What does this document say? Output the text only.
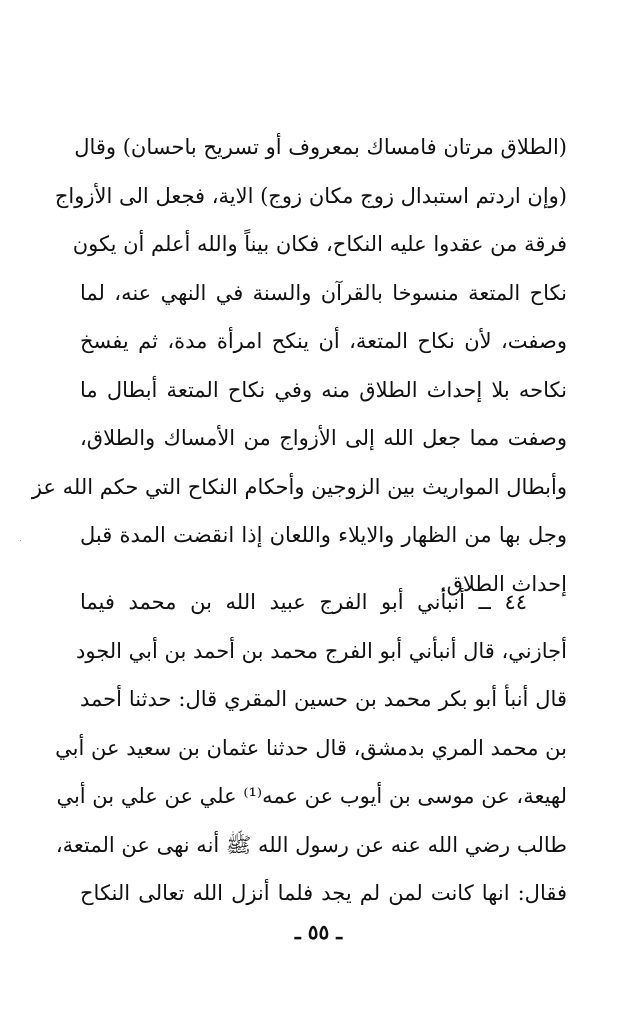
(الطلاق مرتان فامساك بمعروف أو تسريح باحسان) وقال
(وإن اردتم استبدال زوج مكان زوج) الاية، فجعل الى الأزواج
فرقة من عقدوا عليه النكاح، فكان بيناً والله أعلم أن يكون
نكاح المتعة منسوخا بالقرآن والسنة في النهي عنه، لما
وصفت، لأن نكاح المتعة، أن ينكح امرأة مدة، ثم يفسخ
نكاحه بلا إحداث الطلاق منه وفي نكاح المتعة أبطال ما
وصفت مما جعل الله إلى الأزواج من الأمساك والطلاق،
وأبطال المواريث بين الزوجين وأحكام النكاح التي حكم الله عز
وجل بها من الظهار والايلاء واللعان إذا انقضت المدة قبل
إحداث الطلاق.
٤٤ ــ أنبأني أبو الفرج عبيد الله بن محمد فيما
أجازني، قال أنبأني أبو الفرج محمد بن أحمد بن أبي الجود
قال أنبأ أبو بكر محمد بن حسين المقري قال: حدثنا أحمد
بن محمد المري بدمشق، قال حدثنا عثمان بن سعيد عن أبي
لهيعة، عن موسى بن أيوب عن عمه⁽¹⁾ علي عن علي بن أبي
طالب رضي الله عنه عن رسول الله ﷺ أنه نهى عن المتعة،
فقال: انها كانت لمن لم يجد فلما أنزل الله تعالى النكاح
ـ ٥٥ ـ
